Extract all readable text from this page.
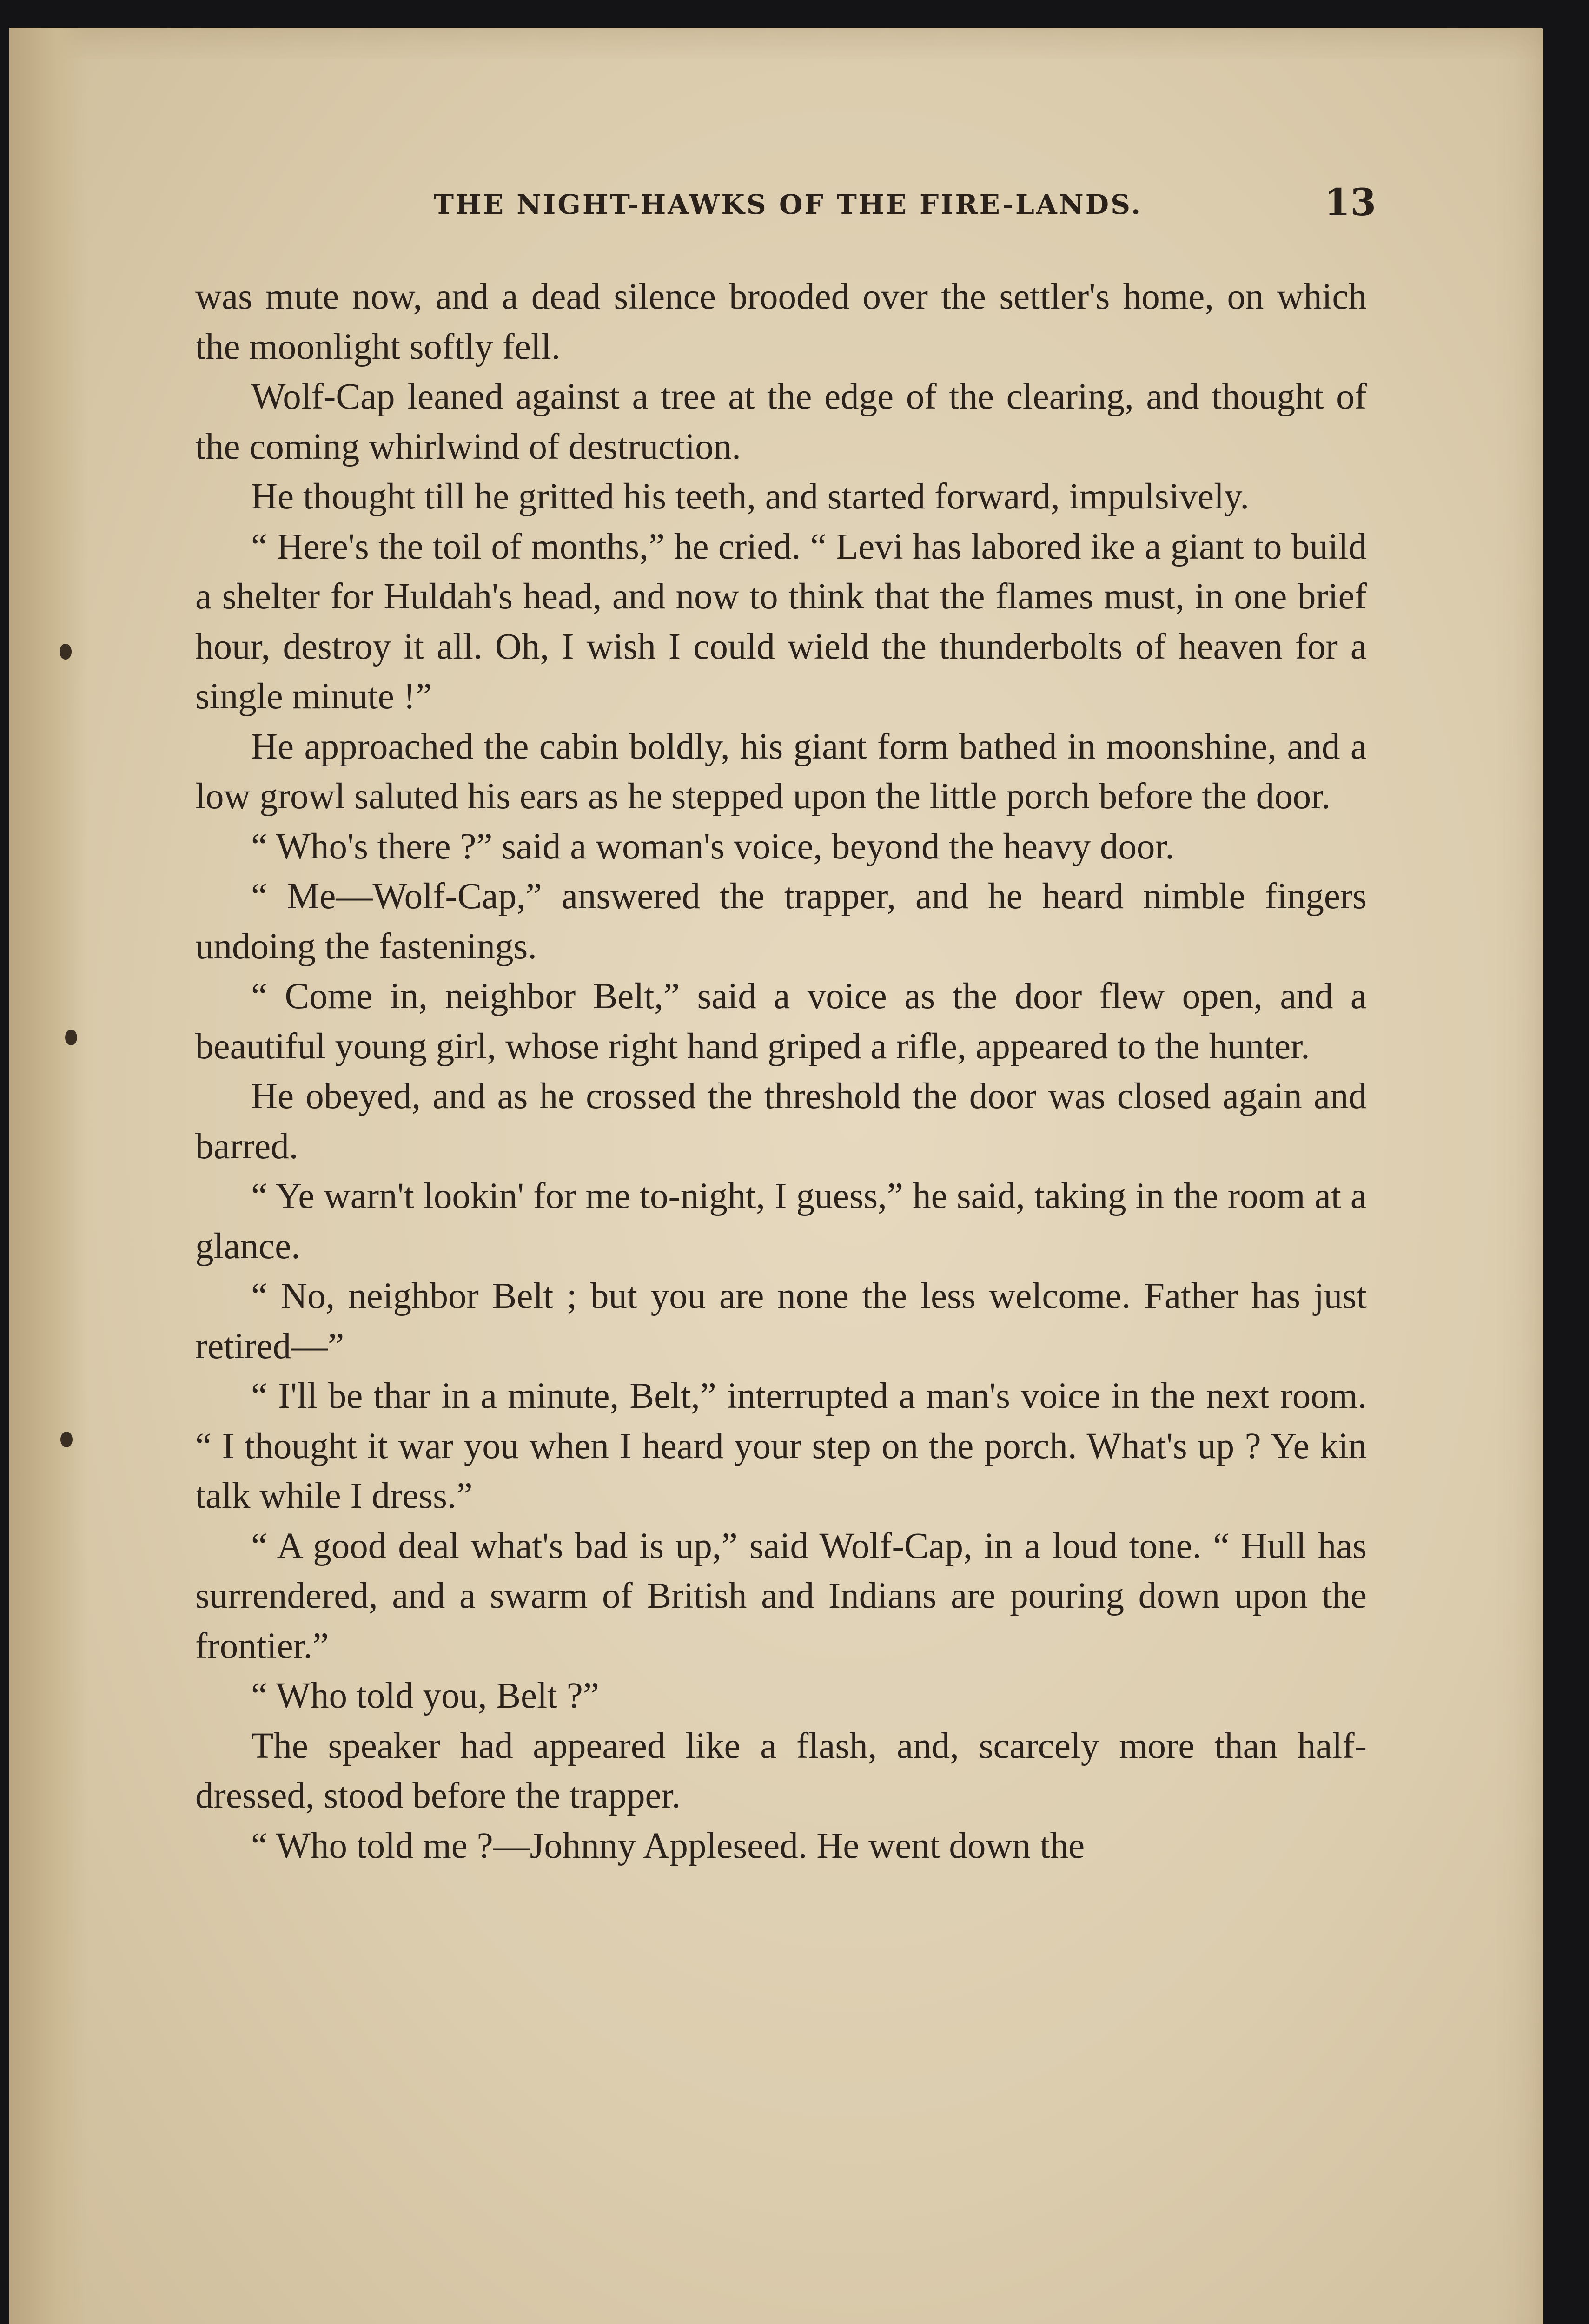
THE NIGHT-HAWKS OF THE FIRE-LANDS.	13

was mute now, and a dead silence brooded over the settler's home, on which the moonlight softly fell.

Wolf-Cap leaned against a tree at the edge of the clearing, and thought of the coming whirlwind of destruction.

He thought till he gritted his teeth, and started forward, impulsively.

“ Here's the toil of months,” he cried. “ Levi has labored ike a giant to build a shelter for Huldah's head, and now to think that the flames must, in one brief hour, destroy it all. Oh, I wish I could wield the thunderbolts of heaven for a single minute !”

He approached the cabin boldly, his giant form bathed in moonshine, and a low growl saluted his ears as he stepped upon the little porch before the door.

“ Who's there ?” said a woman's voice, beyond the heavy door.

“ Me—Wolf-Cap,” answered the trapper, and he heard nimble fingers undoing the fastenings.

“ Come in, neighbor Belt,” said a voice as the door flew open, and a beautiful young girl, whose right hand griped a rifle, appeared to the hunter.

He obeyed, and as he crossed the threshold the door was closed again and barred.

“ Ye warn't lookin' for me to-night, I guess,” he said, taking in the room at a glance.

“ No, neighbor Belt ; but you are none the less welcome. Father has just retired—”

“ I'll be thar in a minute, Belt,” interrupted a man's voice in the next room. “ I thought it war you when I heard your step on the porch. What's up ? Ye kin talk while I dress.”

“ A good deal what's bad is up,” said Wolf-Cap, in a loud tone. “ Hull has surrendered, and a swarm of British and Indians are pouring down upon the frontier.”

“ Who told you, Belt ?”

The speaker had appeared like a flash, and, scarcely more than half-dressed, stood before the trapper.

“ Who told me ?—Johnny Appleseed. He went down the
